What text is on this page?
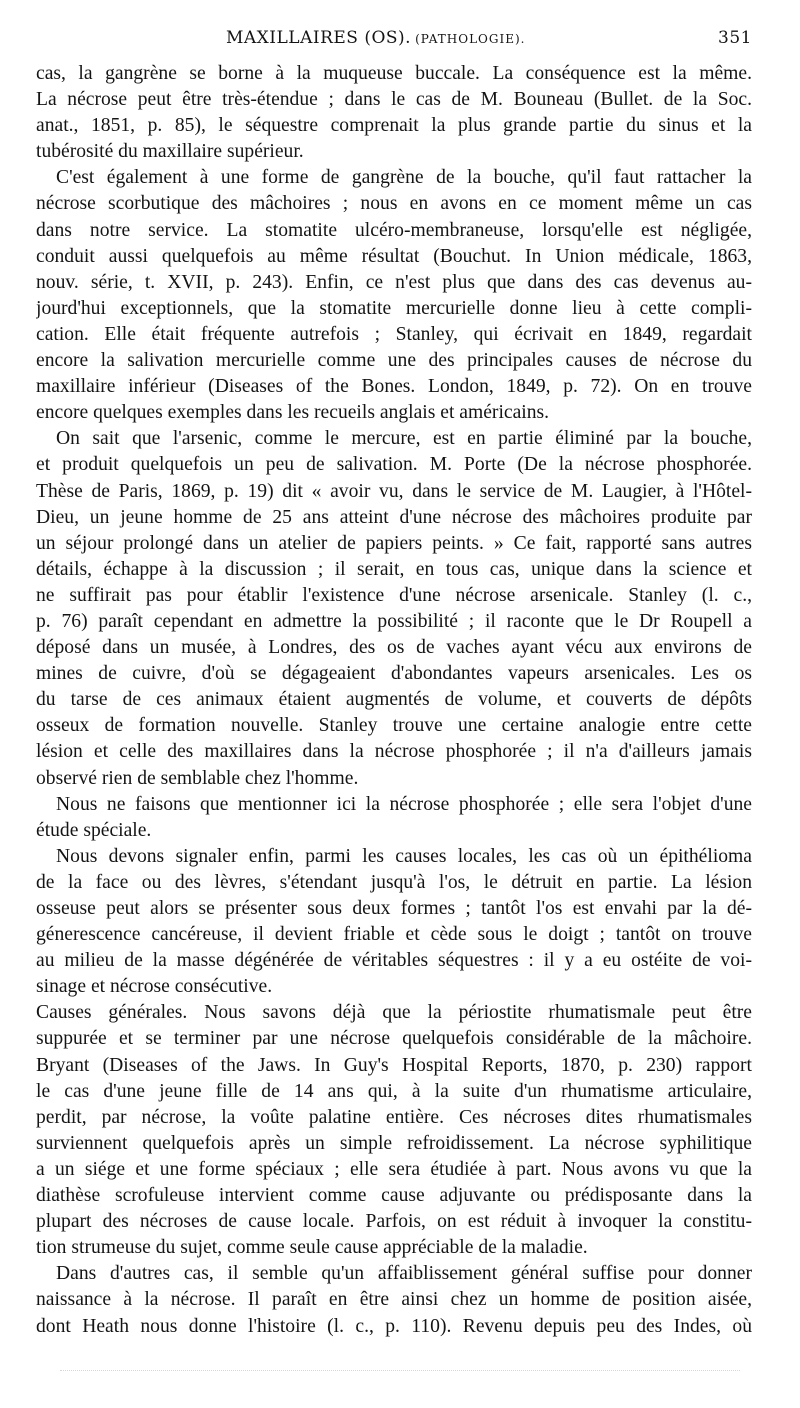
MAXILLAIRES (OS). (PATHOLOGIE).	351
cas, la gangrène se borne à la muqueuse buccale. La conséquence est la même.
La nécrose peut être très-étendue ; dans le cas de M. Bouneau (Bullet. de la Soc.
anat., 1851, p. 85), le séquestre comprenait la plus grande partie du sinus et la
tubérosité du maxillaire supérieur.
C'est également à une forme de gangrène de la bouche, qu'il faut rattacher la
nécrose scorbutique des mâchoires ; nous en avons en ce moment même un cas
dans notre service. La stomatite ulcéro-membraneuse, lorsqu'elle est négligée,
conduit aussi quelquefois au même résultat (Bouchut. In Union médicale, 1863,
nouv. série, t. XVII, p. 243). Enfin, ce n'est plus que dans des cas devenus au-
jourd'hui exceptionnels, que la stomatite mercurielle donne lieu à cette compli-
cation. Elle était fréquente autrefois ; Stanley, qui écrivait en 1849, regardait
encore la salivation mercurielle comme une des principales causes de nécrose du
maxillaire inférieur (Diseases of the Bones. London, 1849, p. 72). On en trouve
encore quelques exemples dans les recueils anglais et américains.
On sait que l'arsenic, comme le mercure, est en partie éliminé par la bouche,
et produit quelquefois un peu de salivation. M. Porte (De la nécrose phosphorée.
Thèse de Paris, 1869, p. 19) dit « avoir vu, dans le service de M. Laugier, à l'Hôtel-
Dieu, un jeune homme de 25 ans atteint d'une nécrose des mâchoires produite par
un séjour prolongé dans un atelier de papiers peints. » Ce fait, rapporté sans autres
détails, échappe à la discussion ; il serait, en tous cas, unique dans la science et
ne suffirait pas pour établir l'existence d'une nécrose arsenicale. Stanley (l. c.,
p. 76) paraît cependant en admettre la possibilité ; il raconte que le Dr Roupell a
déposé dans un musée, à Londres, des os de vaches ayant vécu aux environs de
mines de cuivre, d'où se dégageaient d'abondantes vapeurs arsenicales. Les os
du tarse de ces animaux étaient augmentés de volume, et couverts de dépôts
osseux de formation nouvelle. Stanley trouve une certaine analogie entre cette
lésion et celle des maxillaires dans la nécrose phosphorée ; il n'a d'ailleurs jamais
observé rien de semblable chez l'homme.
Nous ne faisons que mentionner ici la nécrose phosphorée ; elle sera l'objet d'une
étude spéciale.
Nous devons signaler enfin, parmi les causes locales, les cas où un épithélioma
de la face ou des lèvres, s'étendant jusqu'à l'os, le détruit en partie. La lésion
osseuse peut alors se présenter sous deux formes ; tantôt l'os est envahi par la dé-
génerescence cancéreuse, il devient friable et cède sous le doigt ; tantôt on trouve
au milieu de la masse dégénérée de véritables séquestres : il y a eu ostéite de voi-
sinage et nécrose consécutive.
Causes générales. Nous savons déjà que la périostite rhumatismale peut être
suppurée et se terminer par une nécrose quelquefois considérable de la mâchoire.
Bryant (Diseases of the Jaws. In Guy's Hospital Reports, 1870, p. 230) rapport
le cas d'une jeune fille de 14 ans qui, à la suite d'un rhumatisme articulaire,
perdit, par nécrose, la voûte palatine entière. Ces nécroses dites rhumatismales
surviennent quelquefois après un simple refroidissement. La nécrose syphilitique
a un siége et une forme spéciaux ; elle sera étudiée à part. Nous avons vu que la
diathèse scrofuleuse intervient comme cause adjuvante ou prédisposante dans la
plupart des nécroses de cause locale. Parfois, on est réduit à invoquer la constitu-
tion strumeuse du sujet, comme seule cause appréciable de la maladie.
Dans d'autres cas, il semble qu'un affaiblissement général suffise pour donner
naissance à la nécrose. Il paraît en être ainsi chez un homme de position aisée,
dont Heath nous donne l'histoire (l. c., p. 110). Revenu depuis peu des Indes, où
